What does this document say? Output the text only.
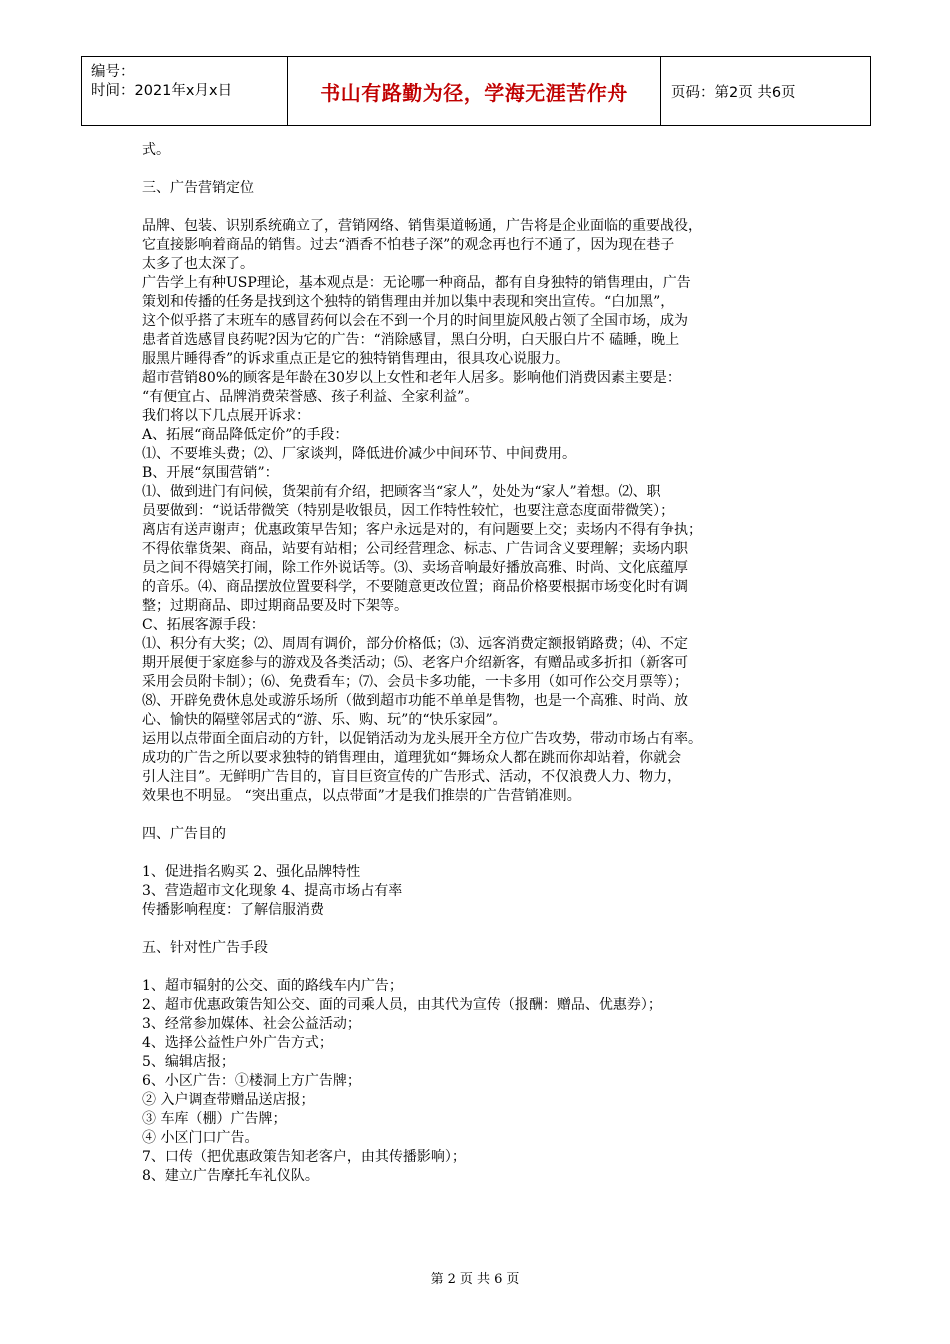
编号：
时间：2021年x月x日	书山有路勤为径，学海无涯苦作舟	页码：第2页 共6页

式。

三、广告营销定位

品牌、包装、识别系统确立了，营销网络、销售渠道畅通，广告将是企业面临的重要战役，

它直接影响着商品的销售。过去“酒香不怕巷子深”的观念再也行不通了，因为现在巷子

太多了也太深了。

广告学上有种USP理论，基本观点是：无论哪一种商品，都有自身独特的销售理由，广告

策划和传播的任务是找到这个独特的销售理由并加以集中表现和突出宣传。“白加黑”，

这个似乎搭了末班车的感冒药何以会在不到一个月的时间里旋风般占领了全国市场，成为

患者首选感冒良药呢?因为它的广告：“消除感冒，黑白分明，白天服白片不 磕睡，晚上

服黑片睡得香”的诉求重点正是它的独特销售理由，很具攻心说服力。

超市营销80%的顾客是年龄在30岁以上女性和老年人居多。影响他们消费因素主要是：

“有便宜占、品牌消费荣誉感、孩子利益、全家利益”。

我们将以下几点展开诉求：

A、拓展“商品降低定价”的手段：

⑴、不要堆头费；⑵、厂家谈判，降低进价减少中间环节、中间费用。

B、开展“氛围营销”：

⑴、做到进门有问候，货架前有介绍，把顾客当“家人”，处处为“家人”着想。⑵、职

员要做到：“说话带微笑（特别是收银员，因工作特性较忙，也要注意态度面带微笑）；

离店有送声谢声；优惠政策早告知；客户永远是对的，有问题要上交；卖场内不得有争执；

不得依靠货架、商品，站要有站相；公司经营理念、标志、广告词含义要理解；卖场内职

员之间不得嬉笑打闹，除工作外说话等。⑶、卖场音响最好播放高雅、时尚、文化底蕴厚

的音乐。⑷、商品摆放位置要科学，不要随意更改位置；商品价格要根据市场变化时有调

整；过期商品、即过期商品要及时下架等。

C、拓展客源手段：

⑴、积分有大奖；⑵、周周有调价，部分价格低；⑶、远客消费定额报销路费；⑷、不定

期开展便于家庭参与的游戏及各类活动；⑸、老客户介绍新客，有赠品或多折扣（新客可

采用会员附卡制）；⑹、免费看车；⑺、会员卡多功能，一卡多用（如可作公交月票等）；

⑻、开辟免费休息处或游乐场所（做到超市功能不单单是售物，也是一个高雅、时尚、放

心、愉快的隔壁邻居式的“游、乐、购、玩”的“快乐家园”。

运用以点带面全面启动的方针，以促销活动为龙头展开全方位广告攻势，带动市场占有率。

成功的广告之所以要求独特的销售理由，道理犹如“舞场众人都在跳而你却站着，你就会

引人注目”。无鲜明广告目的，盲目巨资宣传的广告形式、活动，不仅浪费人力、物力，

效果也不明显。 “突出重点，以点带面”才是我们推崇的广告营销准则。

四、广告目的

1、促进指名购买 2、强化品牌特性

3、营造超市文化现象 4、提高市场占有率

传播影响程度：了解信服消费

五、针对性广告手段

1、超市辐射的公交、面的路线车内广告；

2、超市优惠政策告知公交、面的司乘人员，由其代为宣传（报酬：赠品、优惠券）；

3、经常参加媒体、社会公益活动；

4、选择公益性户外广告方式；

5、编辑店报；

6、小区广告：①楼洞上方广告牌；

② 入户调查带赠品送店报；

③ 车库（棚）广告牌；

④ 小区门口广告。

7、口传（把优惠政策告知老客户，由其传播影响）；

8、建立广告摩托车礼仪队。

第 2 页 共 6 页
